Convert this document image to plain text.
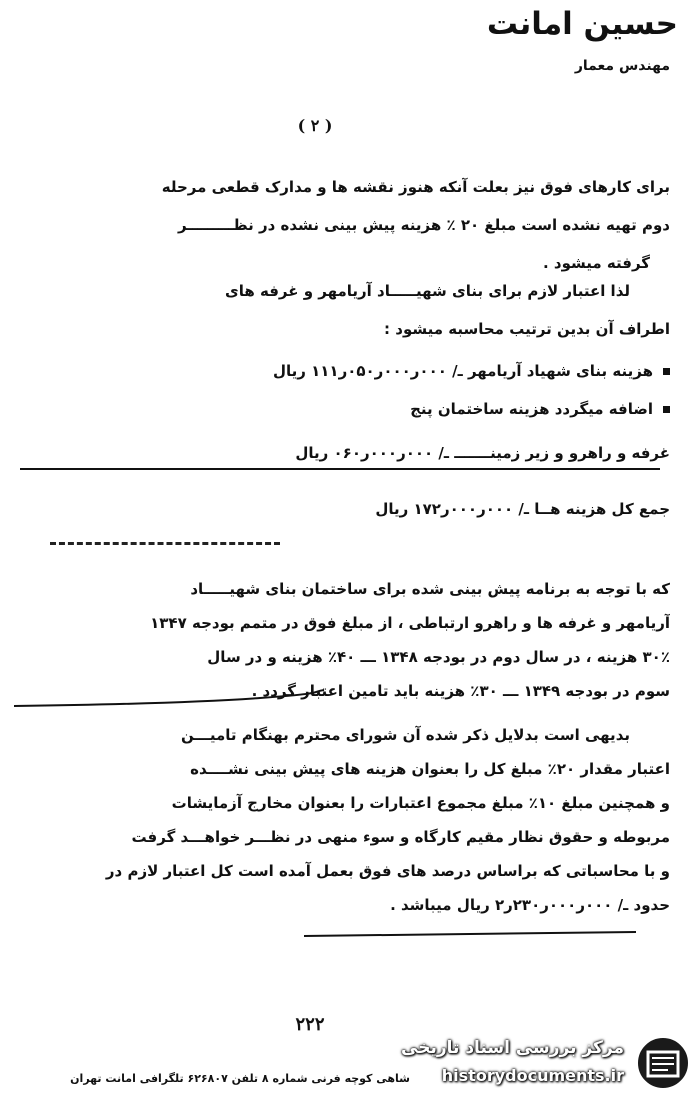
حسین امانت
مهندس معمار
( ۲ )
برای کارهای فوق نیز بعلت آنکه هنوز نقشه ها و مدارک قطعی مرحله
دوم تهیه نشده است مبلغ ۲۰ ٪ هزینه پیش بینی نشده در نظـــــــــر
گرفته میشود .
لذا اعتبار لازم برای بنای شهیـــــاد آریامهر و غرفه های
اطراف آن بدین ترتیب محاسبه میشود :
هزینه بنای شهیاد آریامهر ـ/ ۰۰۰ر۰۰۰ر۰۵۰ر۱۱۱ ریال
اضافه میگردد هزینه ساختمان پنج
غرفه و راهرو و زیر زمینـــــــ ـ/ ۰۰۰ر۰۰۰ر۰۶۰ ریال
جمع کل هزینه هــا ـ/ ۰۰۰ر۰۰۰ر۱۷۲ ریال
که با توجه به برنامه پیش بینی شده برای ساختمان بنای شهیـــــاد
آریامهر و غرفه ها و راهرو ارتباطی ، از مبلغ فوق در متمم بودجه ۱۳۴۷
۳۰٪ هزینه ، در سال دوم در بودجه ۱۳۴۸ ـــ ۴۰٪ هزینه و در سال
سوم در بودجه ۱۳۴۹ ـــ ۳۰٪ هزینه باید تامین اعتبار گردد .
بدیهی است بدلایل ذکر شده آن شورای محترم بهنگام تامیـــن
اعتبار مقدار ۲۰٪ مبلغ کل را بعنوان هزینه های پیش بینی نشــــده
و همچنین مبلغ ۱۰٪ مبلغ مجموع اعتبارات را بعنوان مخارج آزمایشات
مربوطه و حقوق نظار مقیم کارگاه و سوء منهی در نظـــر خواهـــد گرفت
و با محاسباتی که براساس درصد های فوق بعمل آمده است کل اعتبار لازم در
حدود ـ/ ۰۰۰ر۰۰۰ر۲۳۰ر۲ ریال میباشد .
۲۲۲
شاهی کوچه فرنی شماره ۸ تلفن ۶۲۶۸۰۷ تلگرافی امانت تهران
مرکز بررسی اسناد تاریخی
historydocuments.ir
